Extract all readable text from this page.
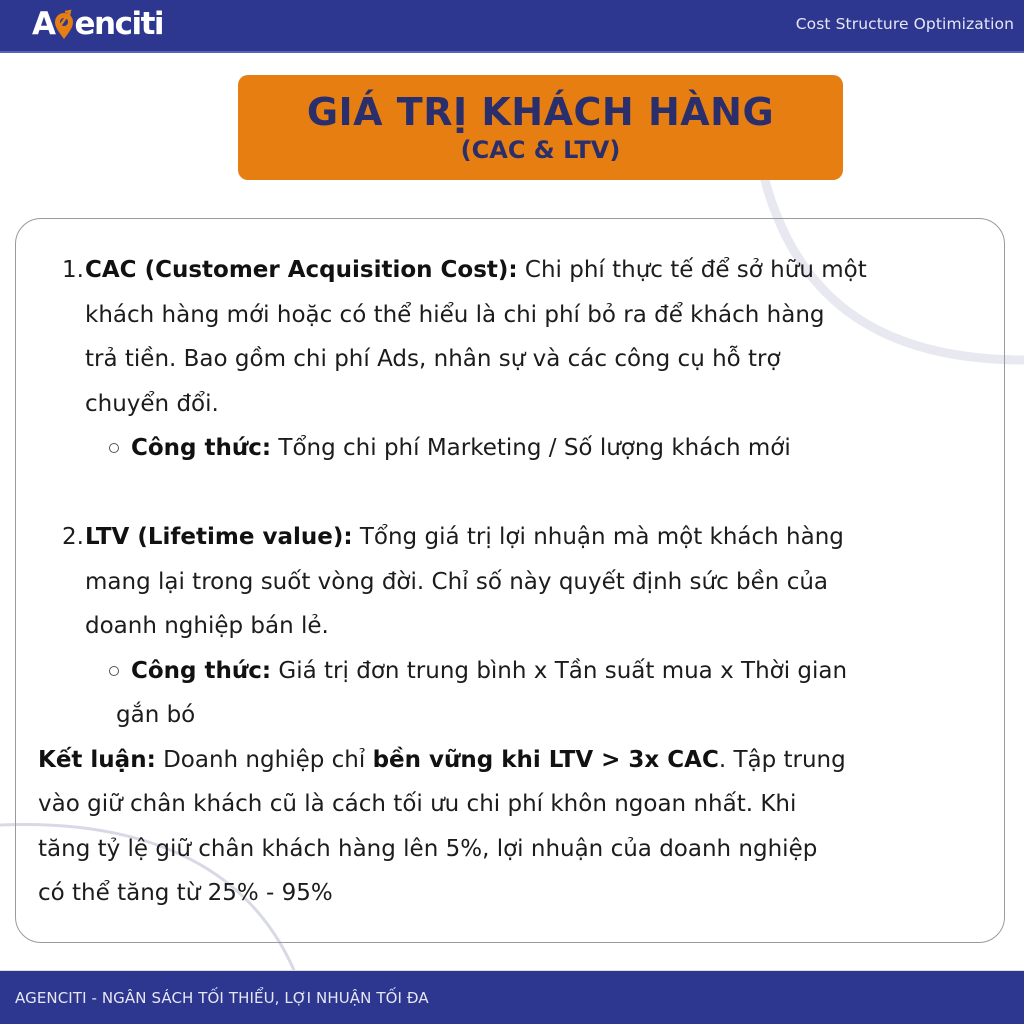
A enciti	Cost Structure Optimization
GIÁ TRỊ KHÁCH HÀNG
(CAC & LTV)
1. CAC (Customer Acquisition Cost): Chi phí thực tế để sở hữu một
khách hàng mới hoặc có thể hiểu là chi phí bỏ ra để khách hàng
trả tiền. Bao gồm chi phí Ads, nhân sự và các công cụ hỗ trợ
chuyển đổi.
Công thức: Tổng chi phí Marketing / Số lượng khách mới
2. LTV (Lifetime value): Tổng giá trị lợi nhuận mà một khách hàng
mang lại trong suốt vòng đời. Chỉ số này quyết định sức bền của
doanh nghiệp bán lẻ.
Công thức: Giá trị đơn trung bình x Tần suất mua x Thời gian
gắn bó
Kết luận: Doanh nghiệp chỉ bền vững khi LTV > 3x CAC. Tập trung
vào giữ chân khách cũ là cách tối ưu chi phí khôn ngoan nhất. Khi
tăng tỷ lệ giữ chân khách hàng lên 5%, lợi nhuận của doanh nghiệp
có thể tăng từ 25% - 95%
AGENCITI - NGÂN SÁCH TỐI THIỂU, LỢI NHUẬN TỐI ĐA
